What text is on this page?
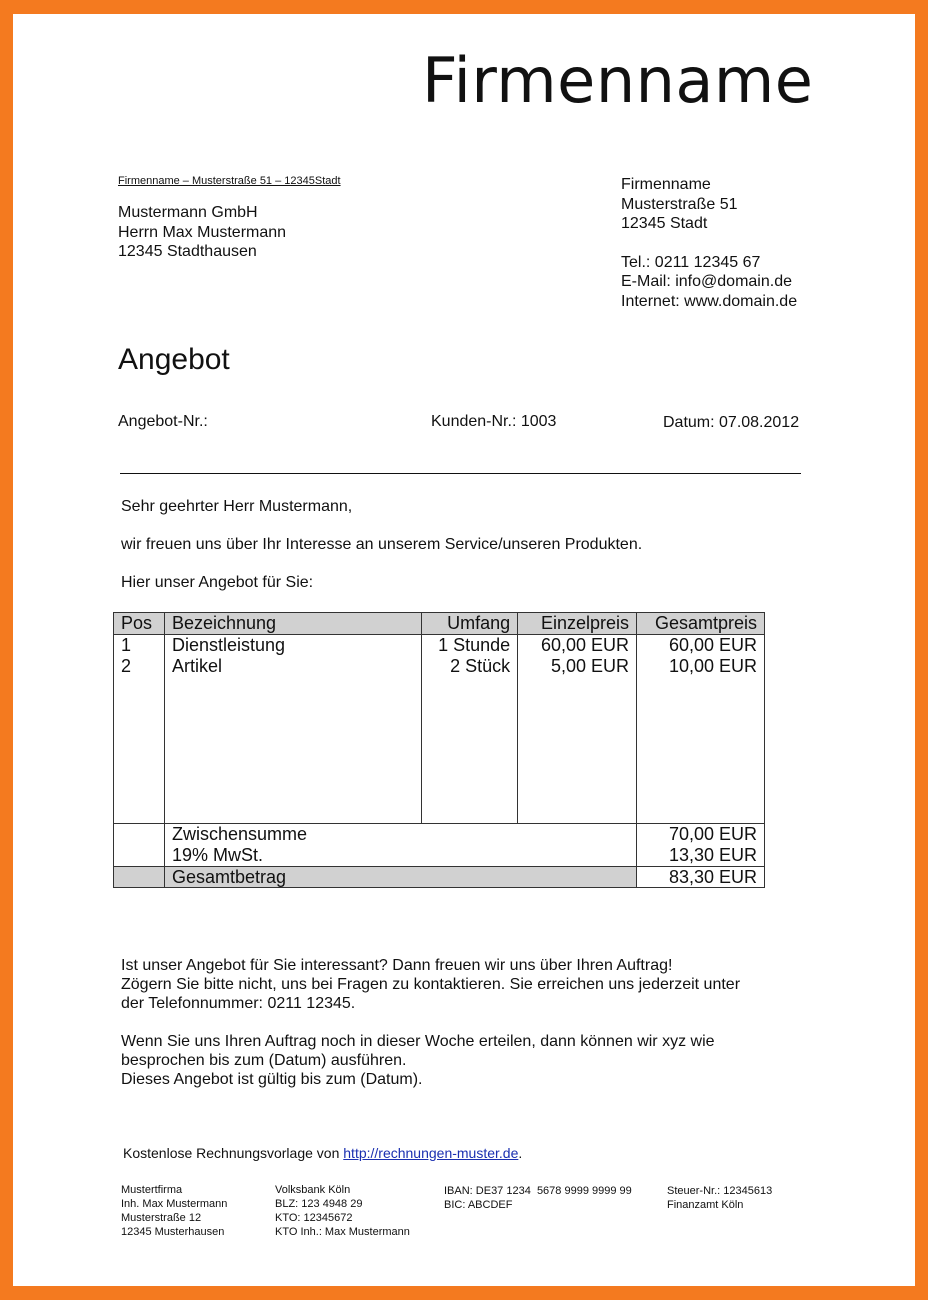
Firmenname
Firmenname – Musterstraße 51 – 12345Stadt
Mustermann GmbH
Herrn Max Mustermann
12345 Stadthausen
Firmenname
Musterstraße 51
12345 Stadt
Tel.: 0211 12345 67
E-Mail: info@domain.de
Internet: www.domain.de
Angebot
Angebot-Nr.:	Kunden-Nr.: 1003	Datum: 07.08.2012
Sehr geehrter Herr Mustermann,
wir freuen uns über Ihr Interesse an unserem Service/unseren Produkten.
Hier unser Angebot für Sie:
Pos	Bezeichnung	Umfang	Einzelpreis	Gesamtpreis
1	Dienstleistung	1 Stunde	60,00 EUR	60,00 EUR
2	Artikel	2 Stück	5,00 EUR	10,00 EUR

	Zwischensumme			70,00 EUR
	19% MwSt.			13,30 EUR
	Gesamtbetrag			83,30 EUR
Ist unser Angebot für Sie interessant? Dann freuen wir uns über Ihren Auftrag!
Zögern Sie bitte nicht, uns bei Fragen zu kontaktieren. Sie erreichen uns jederzeit unter
der Telefonnummer: 0211 12345.
Wenn Sie uns Ihren Auftrag noch in dieser Woche erteilen, dann können wir xyz wie
besprochen bis zum (Datum) ausführen.
Dieses Angebot ist gültig bis zum (Datum).
Kostenlose Rechnungsvorlage von http://rechnungen-muster.de.
Mustertfirma
Inh. Max Mustermann
Musterstraße 12
12345 Musterhausen
Volksbank Köln
BLZ: 123 4948 29
KTO: 12345672
KTO Inh.: Max Mustermann
IBAN: DE37 1234  5678 9999 9999 99
BIC: ABCDEF
Steuer-Nr.: 12345613
Finanzamt Köln
